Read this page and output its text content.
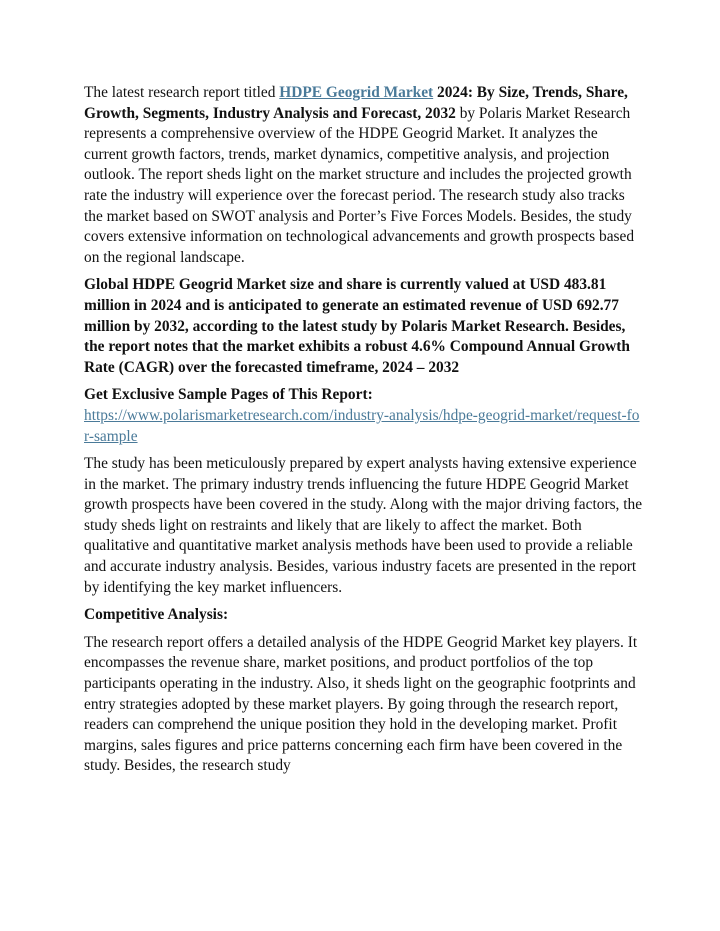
The latest research report titled HDPE Geogrid Market 2024: By Size, Trends, Share, Growth, Segments, Industry Analysis and Forecast, 2032 by Polaris Market Research represents a comprehensive overview of the HDPE Geogrid Market. It analyzes the current growth factors, trends, market dynamics, competitive analysis, and projection outlook. The report sheds light on the market structure and includes the projected growth rate the industry will experience over the forecast period. The research study also tracks the market based on SWOT analysis and Porter’s Five Forces Models. Besides, the study covers extensive information on technological advancements and growth prospects based on the regional landscape.

Global HDPE Geogrid Market size and share is currently valued at USD 483.81 million in 2024 and is anticipated to generate an estimated revenue of USD 692.77 million by 2032, according to the latest study by Polaris Market Research. Besides, the report notes that the market exhibits a robust 4.6% Compound Annual Growth Rate (CAGR) over the forecasted timeframe, 2024 – 2032

Get Exclusive Sample Pages of This Report:
https://www.polarismarketresearch.com/industry-analysis/hdpe-geogrid-market/request-for-sample

The study has been meticulously prepared by expert analysts having extensive experience in the market. The primary industry trends influencing the future HDPE Geogrid Market growth prospects have been covered in the study. Along with the major driving factors, the study sheds light on restraints and likely that are likely to affect the market. Both qualitative and quantitative market analysis methods have been used to provide a reliable and accurate industry analysis. Besides, various industry facets are presented in the report by identifying the key market influencers.

Competitive Analysis:

The research report offers a detailed analysis of the HDPE Geogrid Market key players. It encompasses the revenue share, market positions, and product portfolios of the top participants operating in the industry. Also, it sheds light on the geographic footprints and entry strategies adopted by these market players. By going through the research report, readers can comprehend the unique position they hold in the developing market. Profit margins, sales figures and price patterns concerning each firm have been covered in the study. Besides, the research study
